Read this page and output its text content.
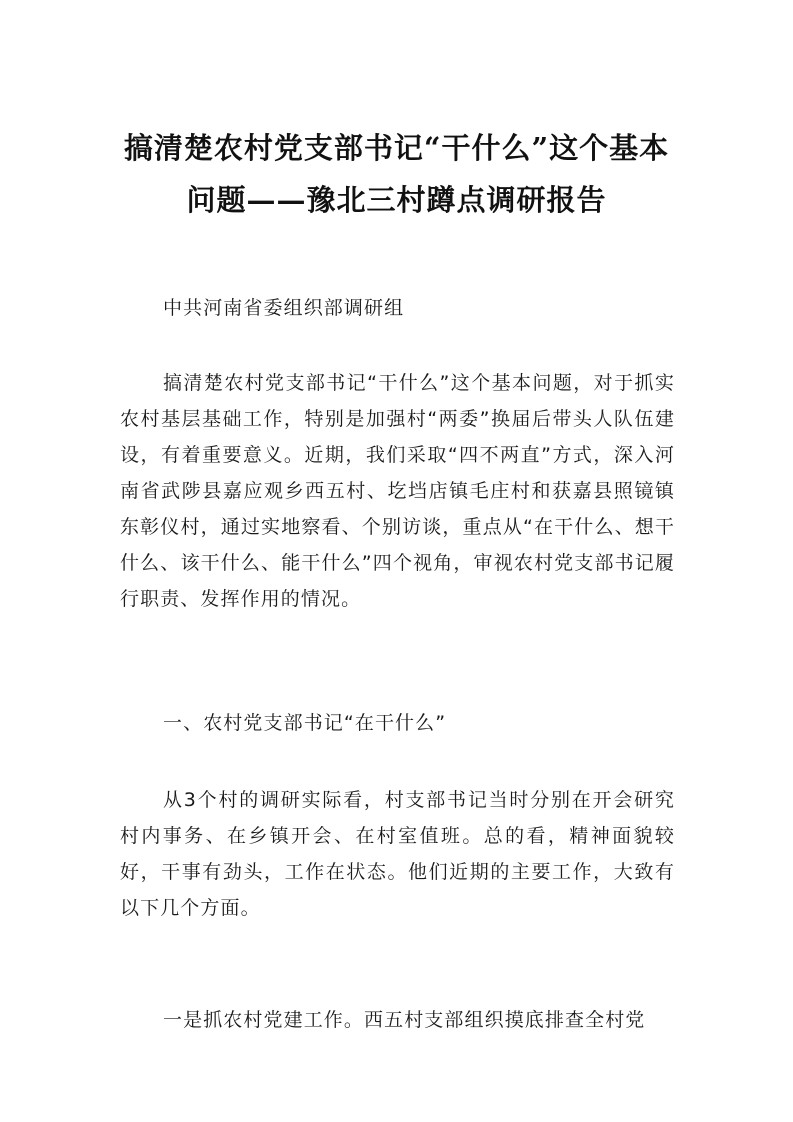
搞清楚农村党支部书记“干什么”这个基本问题——豫北三村蹲点调研报告

中共河南省委组织部调研组

搞清楚农村党支部书记“干什么”这个基本问题，对于抓实农村基层基础工作，特别是加强村“两委”换届后带头人队伍建设，有着重要意义。近期，我们采取“四不两直”方式，深入河南省武陟县嘉应观乡西五村、圪垱店镇毛庄村和获嘉县照镜镇东彰仪村，通过实地察看、个别访谈，重点从“在干什么、想干什么、该干什么、能干什么”四个视角，审视农村党支部书记履行职责、发挥作用的情况。

一、农村党支部书记“在干什么”

从3个村的调研实际看，村支部书记当时分别在开会研究村内事务、在乡镇开会、在村室值班。总的看，精神面貌较好，干事有劲头，工作在状态。他们近期的主要工作，大致有以下几个方面。

一是抓农村党建工作。西五村支部组织摸底排查全村党
